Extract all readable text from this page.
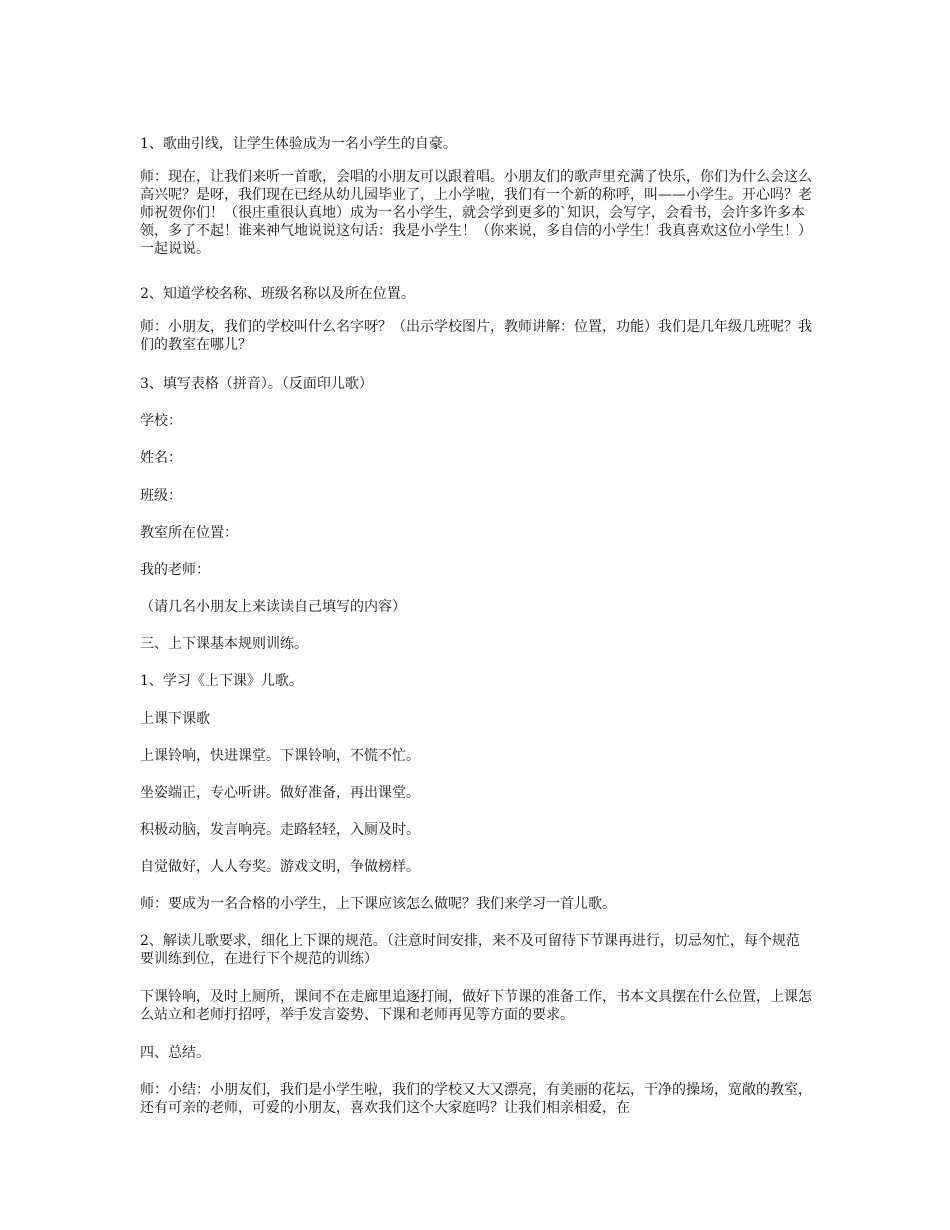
1、歌曲引线，让学生体验成为一名小学生的自豪。

师：现在，让我们来听一首歌，会唱的小朋友可以跟着唱。小朋友们的歌声里充满了快乐，你们为什么会这么高兴呢？是呀，我们现在已经从幼儿园毕业了，上小学啦，我们有一个新的称呼，叫——小学生。开心吗？老师祝贺你们！（很庄重很认真地）成为一名小学生，就会学到更多的`知识，会写字，会看书，会许多许多本领，多了不起！谁来神气地说说这句话：我是小学生！（你来说，多自信的小学生！我真喜欢这位小学生！）一起说说。

2、知道学校名称、班级名称以及所在位置。

师：小朋友，我们的学校叫什么名字呀？（出示学校图片，教师讲解：位置，功能）我们是几年级几班呢？我们的教室在哪儿？

3、填写表格（拼音）。（反面印儿歌）

学校：

姓名：

班级：

教室所在位置：

我的老师：

（请几名小朋友上来读读自己填写的内容）

三、上下课基本规则训练。

1、学习《上下课》儿歌。

上课下课歌

上课铃响，快进课堂。下课铃响，不慌不忙。

坐姿端正，专心听讲。做好准备，再出课堂。

积极动脑，发言响亮。走路轻轻，入厕及时。

自觉做好，人人夸奖。游戏文明，争做榜样。

师：要成为一名合格的小学生，上下课应该怎么做呢？我们来学习一首儿歌。

2、解读儿歌要求，细化上下课的规范。（注意时间安排，来不及可留待下节课再进行，切忌匆忙，每个规范要训练到位，在进行下个规范的训练）

下课铃响，及时上厕所，课间不在走廊里追逐打闹，做好下节课的准备工作，书本文具摆在什么位置，上课怎么站立和老师打招呼，举手发言姿势、下课和老师再见等方面的要求。

四、总结。

师：小结：小朋友们，我们是小学生啦，我们的学校又大又漂亮，有美丽的花坛，干净的操场，宽敞的教室，还有可亲的老师，可爱的小朋友，喜欢我们这个大家庭吗？让我们相亲相爱，在
